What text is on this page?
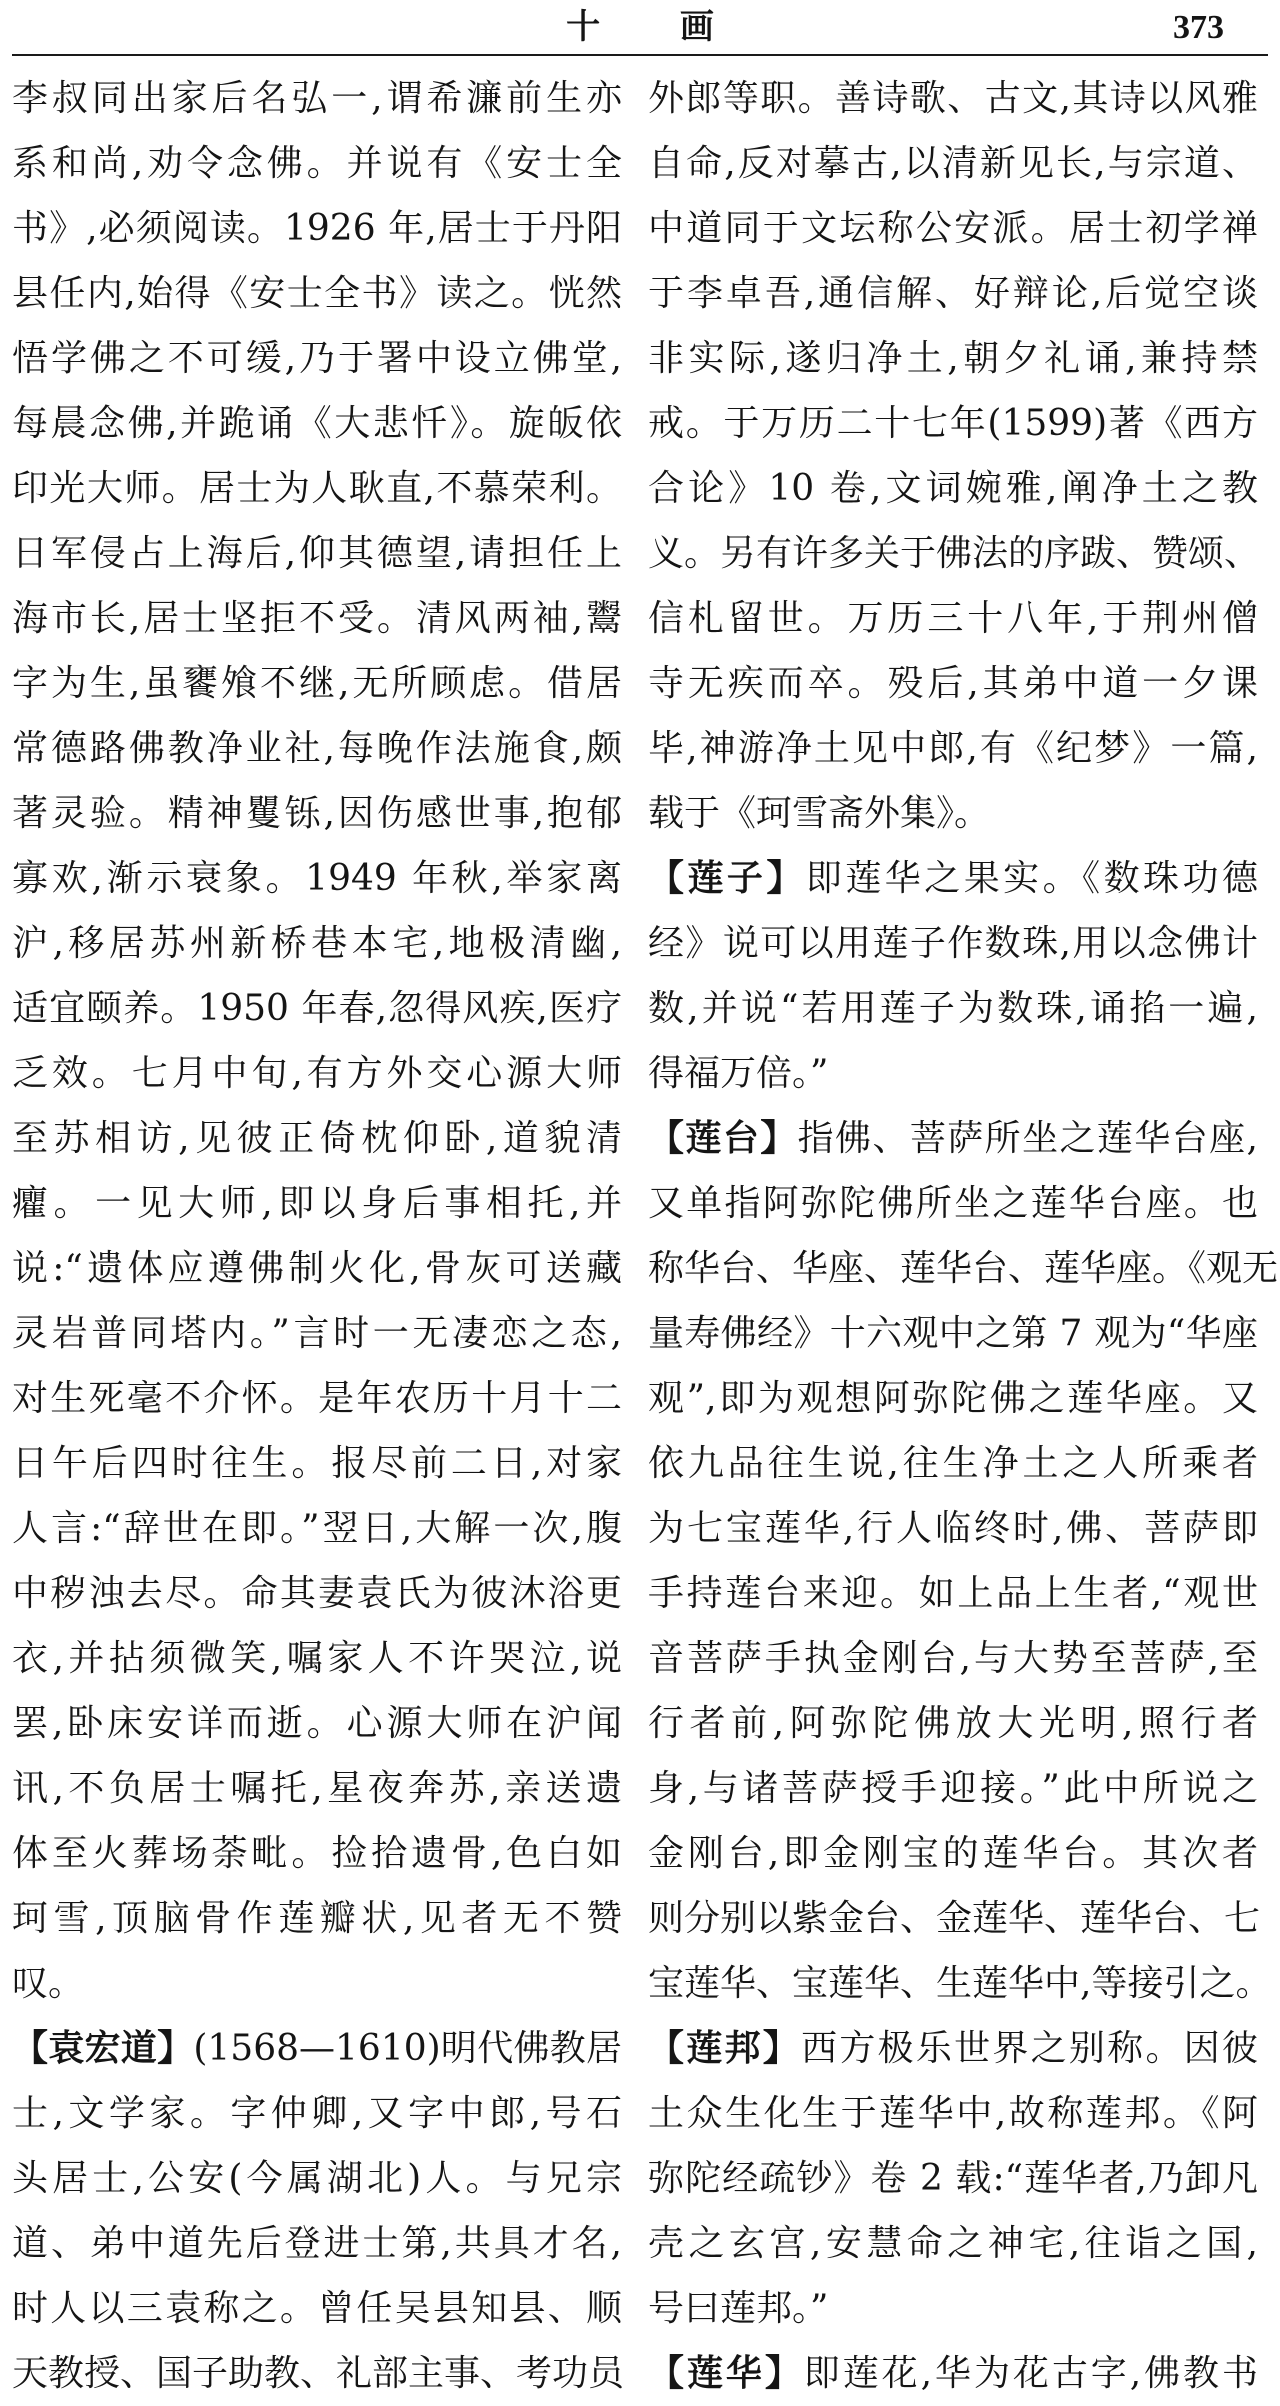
十 画	373
李叔同出家后名弘一,谓希濂前生亦
系和尚,劝令念佛。并说有《安士全
书》,必须阅读。1926 年,居士于丹阳
县任内,始得《安士全书》读之。恍然
悟学佛之不可缓,乃于署中设立佛堂,
每晨念佛,并跪诵《大悲忏》。旋皈依
印光大师。居士为人耿直,不慕荣利。
日军侵占上海后,仰其德望,请担任上
海市长,居士坚拒不受。清风两袖,鬻
字为生,虽饔飧不继,无所顾虑。借居
常德路佛教净业社,每晚作法施食,颇
著灵验。精神矍铄,因伤感世事,抱郁
寡欢,渐示衰象。1949 年秋,举家离
沪,移居苏州新桥巷本宅,地极清幽,
适宜颐养。1950 年春,忽得风疾,医疗
乏效。七月中旬,有方外交心源大师
至苏相访,见彼正倚枕仰卧,道貌清
癯。一见大师,即以身后事相托,并
说:“遗体应遵佛制火化,骨灰可送藏
灵岩普同塔内。”言时一无凄恋之态,
对生死毫不介怀。是年农历十月十二
日午后四时往生。报尽前二日,对家
人言:“辞世在即。”翌日,大解一次,腹
中秽浊去尽。命其妻袁氏为彼沐浴更
衣,并拈须微笑,嘱家人不许哭泣,说
罢,卧床安详而逝。心源大师在沪闻
讯,不负居士嘱托,星夜奔苏,亲送遗
体至火葬场荼毗。捡拾遗骨,色白如
珂雪,顶脑骨作莲瓣状,见者无不赞
叹。
【袁宏道】(1568—1610)明代佛教居
士,文学家。字仲卿,又字中郎,号石
头居士,公安(今属湖北)人。与兄宗
道、弟中道先后登进士第,共具才名,
时人以三袁称之。曾任吴县知县、顺
天教授、国子助教、礼部主事、考功员
外郎等职。善诗歌、古文,其诗以风雅
自命,反对摹古,以清新见长,与宗道、
中道同于文坛称公安派。居士初学禅
于李卓吾,通信解、好辩论,后觉空谈
非实际,遂归净土,朝夕礼诵,兼持禁
戒。于万历二十七年(1599)著《西方
合论》10 卷,文词婉雅,阐净土之教
义。另有许多关于佛法的序跋、赞颂、
信札留世。万历三十八年,于荆州僧
寺无疾而卒。殁后,其弟中道一夕课
毕,神游净土见中郎,有《纪梦》一篇,
载于《珂雪斋外集》。
【莲子】即莲华之果实。《数珠功德
经》说可以用莲子作数珠,用以念佛计
数,并说“若用莲子为数珠,诵掐一遍,
得福万倍。”
【莲台】指佛、菩萨所坐之莲华台座,
又单指阿弥陀佛所坐之莲华台座。也
称华台、华座、莲华台、莲华座。《观无
量寿佛经》十六观中之第 7 观为“华座
观”,即为观想阿弥陀佛之莲华座。又
依九品往生说,往生净土之人所乘者
为七宝莲华,行人临终时,佛、菩萨即
手持莲台来迎。如上品上生者,“观世
音菩萨手执金刚台,与大势至菩萨,至
行者前,阿弥陀佛放大光明,照行者
身,与诸菩萨授手迎接。”此中所说之
金刚台,即金刚宝的莲华台。其次者
则分别以紫金台、金莲华、莲华台、七
宝莲华、宝莲华、生莲华中,等接引之。
【莲邦】西方极乐世界之别称。因彼
土众生化生于莲华中,故称莲邦。《阿
弥陀经疏钞》卷 2 载:“莲华者,乃卸凡
壳之玄宫,安慧命之神宅,往诣之国,
号曰莲邦。”
【莲华】即莲花,华为花古字,佛教书
